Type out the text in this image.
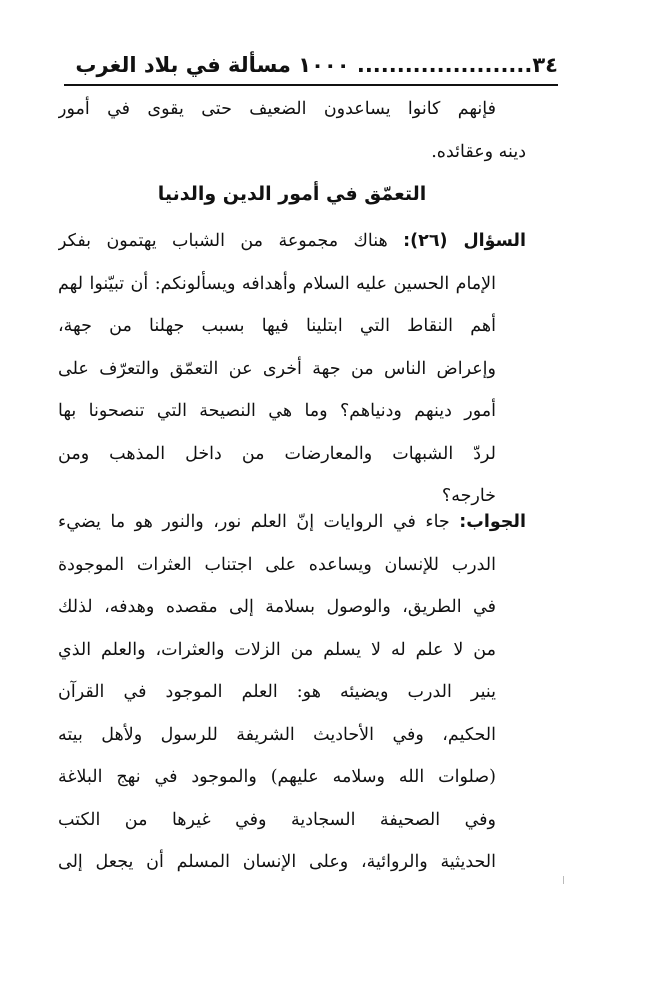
٣٤...................... ١٠٠٠ مسألة في بلاد الغرب
فإنهم كانوا يساعدون الضعيف حتى يقوى في أمور
دينه وعقائده.
التعمّق في أمور الدين والدنيا
السؤال (٢٦): هناك مجموعة من الشباب يهتمون بفكر
الإمام الحسين عليه السلام وأهدافه ويسألونكم: أن تبيّنوا لهم
أهم النقاط التي ابتلينا فيها بسبب جهلنا من جهة،
وإعراض الناس من جهة أخرى عن التعمّق والتعرّف على
أمور دينهم ودنياهم؟ وما هي النصيحة التي تنصحونا بها
لردّ الشبهات والمعارضات من داخل المذهب ومن
خارجه؟
الجواب: جاء في الروايات إنّ العلم نور، والنور هو ما يضيء
الدرب للإنسان ويساعده على اجتناب العثرات الموجودة
في الطريق، والوصول بسلامة إلى مقصده وهدفه، لذلك
من لا علم له لا يسلم من الزلات والعثرات، والعلم الذي
ينير الدرب ويضيئه هو: العلم الموجود في القرآن
الحكيم، وفي الأحاديث الشريفة للرسول ولأهل بيته
(صلوات الله وسلامه عليهم) والموجود في نهج البلاغة
وفي الصحيفة السجادية وفي غيرها من الكتب
الحديثية والروائية، وعلى الإنسان المسلم أن يجعل إلى
